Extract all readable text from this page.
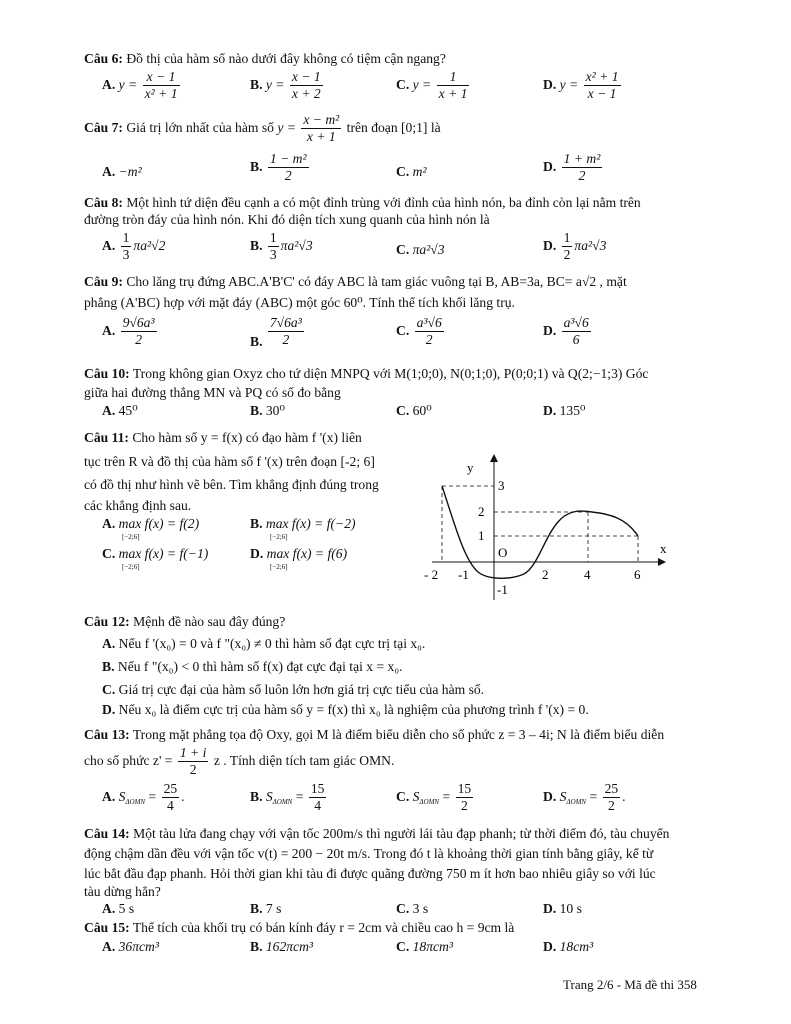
Câu 6: Đồ thị của hàm số nào dưới đây không có tiệm cận ngang?
A. $y = \frac{x - 1}{\text{x² + 1}}$	B. $y = \frac{x - 1}{x + 2}$	C. $y = \frac{1}{x + 1}$	D. $y = \frac{\text{x² + 1}}{x - 1}$
Câu 7: Giá trị lớn nhất của hàm số $y = \frac{\text{x − m²}}{x + 1}$ trên đoạn [0;1] là
A. −m²	B. $\frac{\text{1 − m²}}{2}$	C. m²	D. $\frac{\text{1 + m²}}{2}$
Câu 8: Một hình tứ diện đều cạnh a có một đỉnh trùng với đỉnh của hình nón, ba đỉnh còn lại nằm trên
đường tròn đáy của hình nón. Khi đó diện tích xung quanh của hình nón là
A. $\frac{1}{3} \pi a^2√2$	B. $\frac{1}{3} \pi a^2√3$	C. πa²√3	D. $\frac{1}{2} \pi a^2√3$
Câu 9: Cho lăng trụ đứng ABC.A'B'C' có đáy ABC là tam giác vuông tại B, AB=3a, BC= a√2 , mặt
phẳng (A'BC) hợp với mặt đáy (ABC) một góc 60⁰. Tính thể tích khối lăng trụ.
A. $\frac{\text{9√6a³}}{2}$	B. $\frac{\text{7√6a³}}{2}$	C. $\frac{\text{a³√6}}{2}$	D. $\frac{\text{a³√6}}{6}$
Câu 10: Trong không gian Oxyz cho tứ diện MNPQ với M(1;0;0), N(0;1;0), P(0;0;1) và Q(2;−1;3) Góc
giữa hai đường thẳng MN và PQ có số đo bằng
A. 45⁰	B. 30⁰	C. 60⁰	D. 135⁰
Câu 11: Cho hàm số y = f(x) có đạo hàm f '(x) liên
tục trên R và đồ thị của hàm số f '(x) trên đoạn [-2; 6]
có đồ thị như hình vẽ bên. Tìm khẳng định đúng trong
các khẳng định sau.
A. max f(x) = f(2)
[−2;6]
B. max f(x) = f(−2)
[−2;6]
C. max f(x) = f(−1)
[−2;6]
D. max f(x) = f(6)
[−2;6]
y
x
O
3
2
1
-1
- 2 -1	2	4	6
Câu 12: Mệnh đề nào sau đây đúng?
A. Nếu f '(x₀) = 0 và f "(x₀) ≠ 0 thì hàm số đạt cực trị tại x₀.
B. Nếu f "(x₀) < 0 thì hàm số f(x) đạt cực đại tại x = x₀.
C. Giá trị cực đại của hàm số luôn lớn hơn giá trị cực tiểu của hàm số.
D. Nếu x₀ là điểm cực trị của hàm số y = f(x) thì x₀ là nghiệm của phương trình f '(x) = 0.
Câu 13: Trong mặt phẳng tọa độ Oxy, gọi M là điểm biểu diễn cho số phức z = 3 – 4i; N là điểm biểu diễn
cho số phức $z' = \frac{1 + i}{2}$ z . Tính diện tích tam giác OMN.
A. $S_{\Delta OMN} = \frac{25}{4}$ .	B. $S_{\Delta OMN} = \frac{15}{4}$	C. $S_{\Delta OMN} = \frac{15}{2}$	D. $S_{\Delta OMN} = \frac{25}{2}$ .
Câu 14: Một tàu lửa đang chạy với vận tốc 200m/s thì người lái tàu đạp phanh; từ thời điểm đó, tàu chuyển
động chậm dần đều với vận tốc v(t) = 200 − 20t m/s. Trong đó t là khoảng thời gian tính bằng giây, kể từ
lúc bắt đầu đạp phanh. Hỏi thời gian khi tàu đi được quãng đường 750 m ít hơn bao nhiêu giây so với lúc
tàu dừng hẳn?
A. 5 s	B. 7 s	C. 3 s	D. 10 s
Câu 15: Thể tích của khối trụ có bán kính đáy r = 2cm và chiều cao h = 9cm là
A. 36πcm³	B. 162πcm³	C. 18πcm³	D. 18cm³
Trang 2/6 - Mã đề thi 358
